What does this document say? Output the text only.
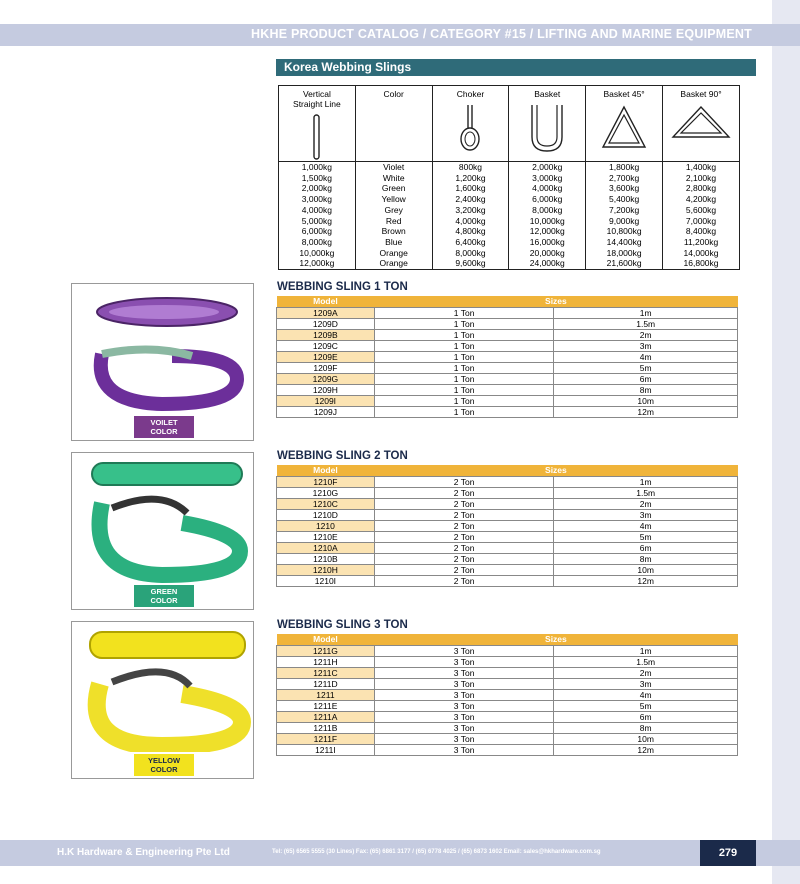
HKHE PRODUCT CATALOG / CATEGORY #15 / LIFTING AND MARINE EQUIPMENT
Korea Webbing Slings
Vertical
Straight Line	Color	Choker	Basket	Basket 45°	Basket 90°

1,000kg	Violet	800kg	2,000kg	1,800kg	1,400kg
1,500kg	White	1,200kg	3,000kg	2,700kg	2,100kg
2,000kg	Green	1,600kg	4,000kg	3,600kg	2,800kg
3,000kg	Yellow	2,400kg	6,000kg	5,400kg	4,200kg
4,000kg	Grey	3,200kg	8,000kg	7,200kg	5,600kg
5,000kg	Red	4,000kg	10,000kg	9,000kg	7,000kg
6,000kg	Brown	4,800kg	12,000kg	10,800kg	8,400kg
8,000kg	Blue	6,400kg	16,000kg	14,400kg	11,200kg
10,000kg	Orange	8,000kg	20,000kg	18,000kg	14,000kg
12,000kg	Orange	9,600kg	24,000kg	21,600kg	16,800kg
WEBBING SLING 1 TON
Model	Sizes	
1209A	1 Ton	1m
1209D	1 Ton	1.5m
1209B	1 Ton	2m
1209C	1 Ton	3m
1209E	1 Ton	4m
1209F	1 Ton	5m
1209G	1 Ton	6m
1209H	1 Ton	8m
1209I	1 Ton	10m
1209J	1 Ton	12m
WEBBING SLING 2 TON
Model	Sizes	
1210F	2 Ton	1m
1210G	2 Ton	1.5m
1210C	2 Ton	2m
1210D	2 Ton	3m
1210	2 Ton	4m
1210E	2 Ton	5m
1210A	2 Ton	6m
1210B	2 Ton	8m
1210H	2 Ton	10m
1210I	2 Ton	12m
WEBBING SLING 3 TON
Model	Sizes	
1211G	3 Ton	1m
1211H	3 Ton	1.5m
1211C	3 Ton	2m
1211D	3 Ton	3m
1211	3 Ton	4m
1211E	3 Ton	5m
1211A	3 Ton	6m
1211B	3 Ton	8m
1211F	3 Ton	10m
1211I	3 Ton	12m
VOILET
COLOR
GREEN
COLOR
YELLOW
COLOR
H.K Hardware & Engineering Pte Ltd	Tel: (65) 6565 5555 (30 Lines) Fax: (65) 6861 3177 / (65) 6778 4025 / (65) 6873 1602 Email: sales@hkhardware.com.sg	279
